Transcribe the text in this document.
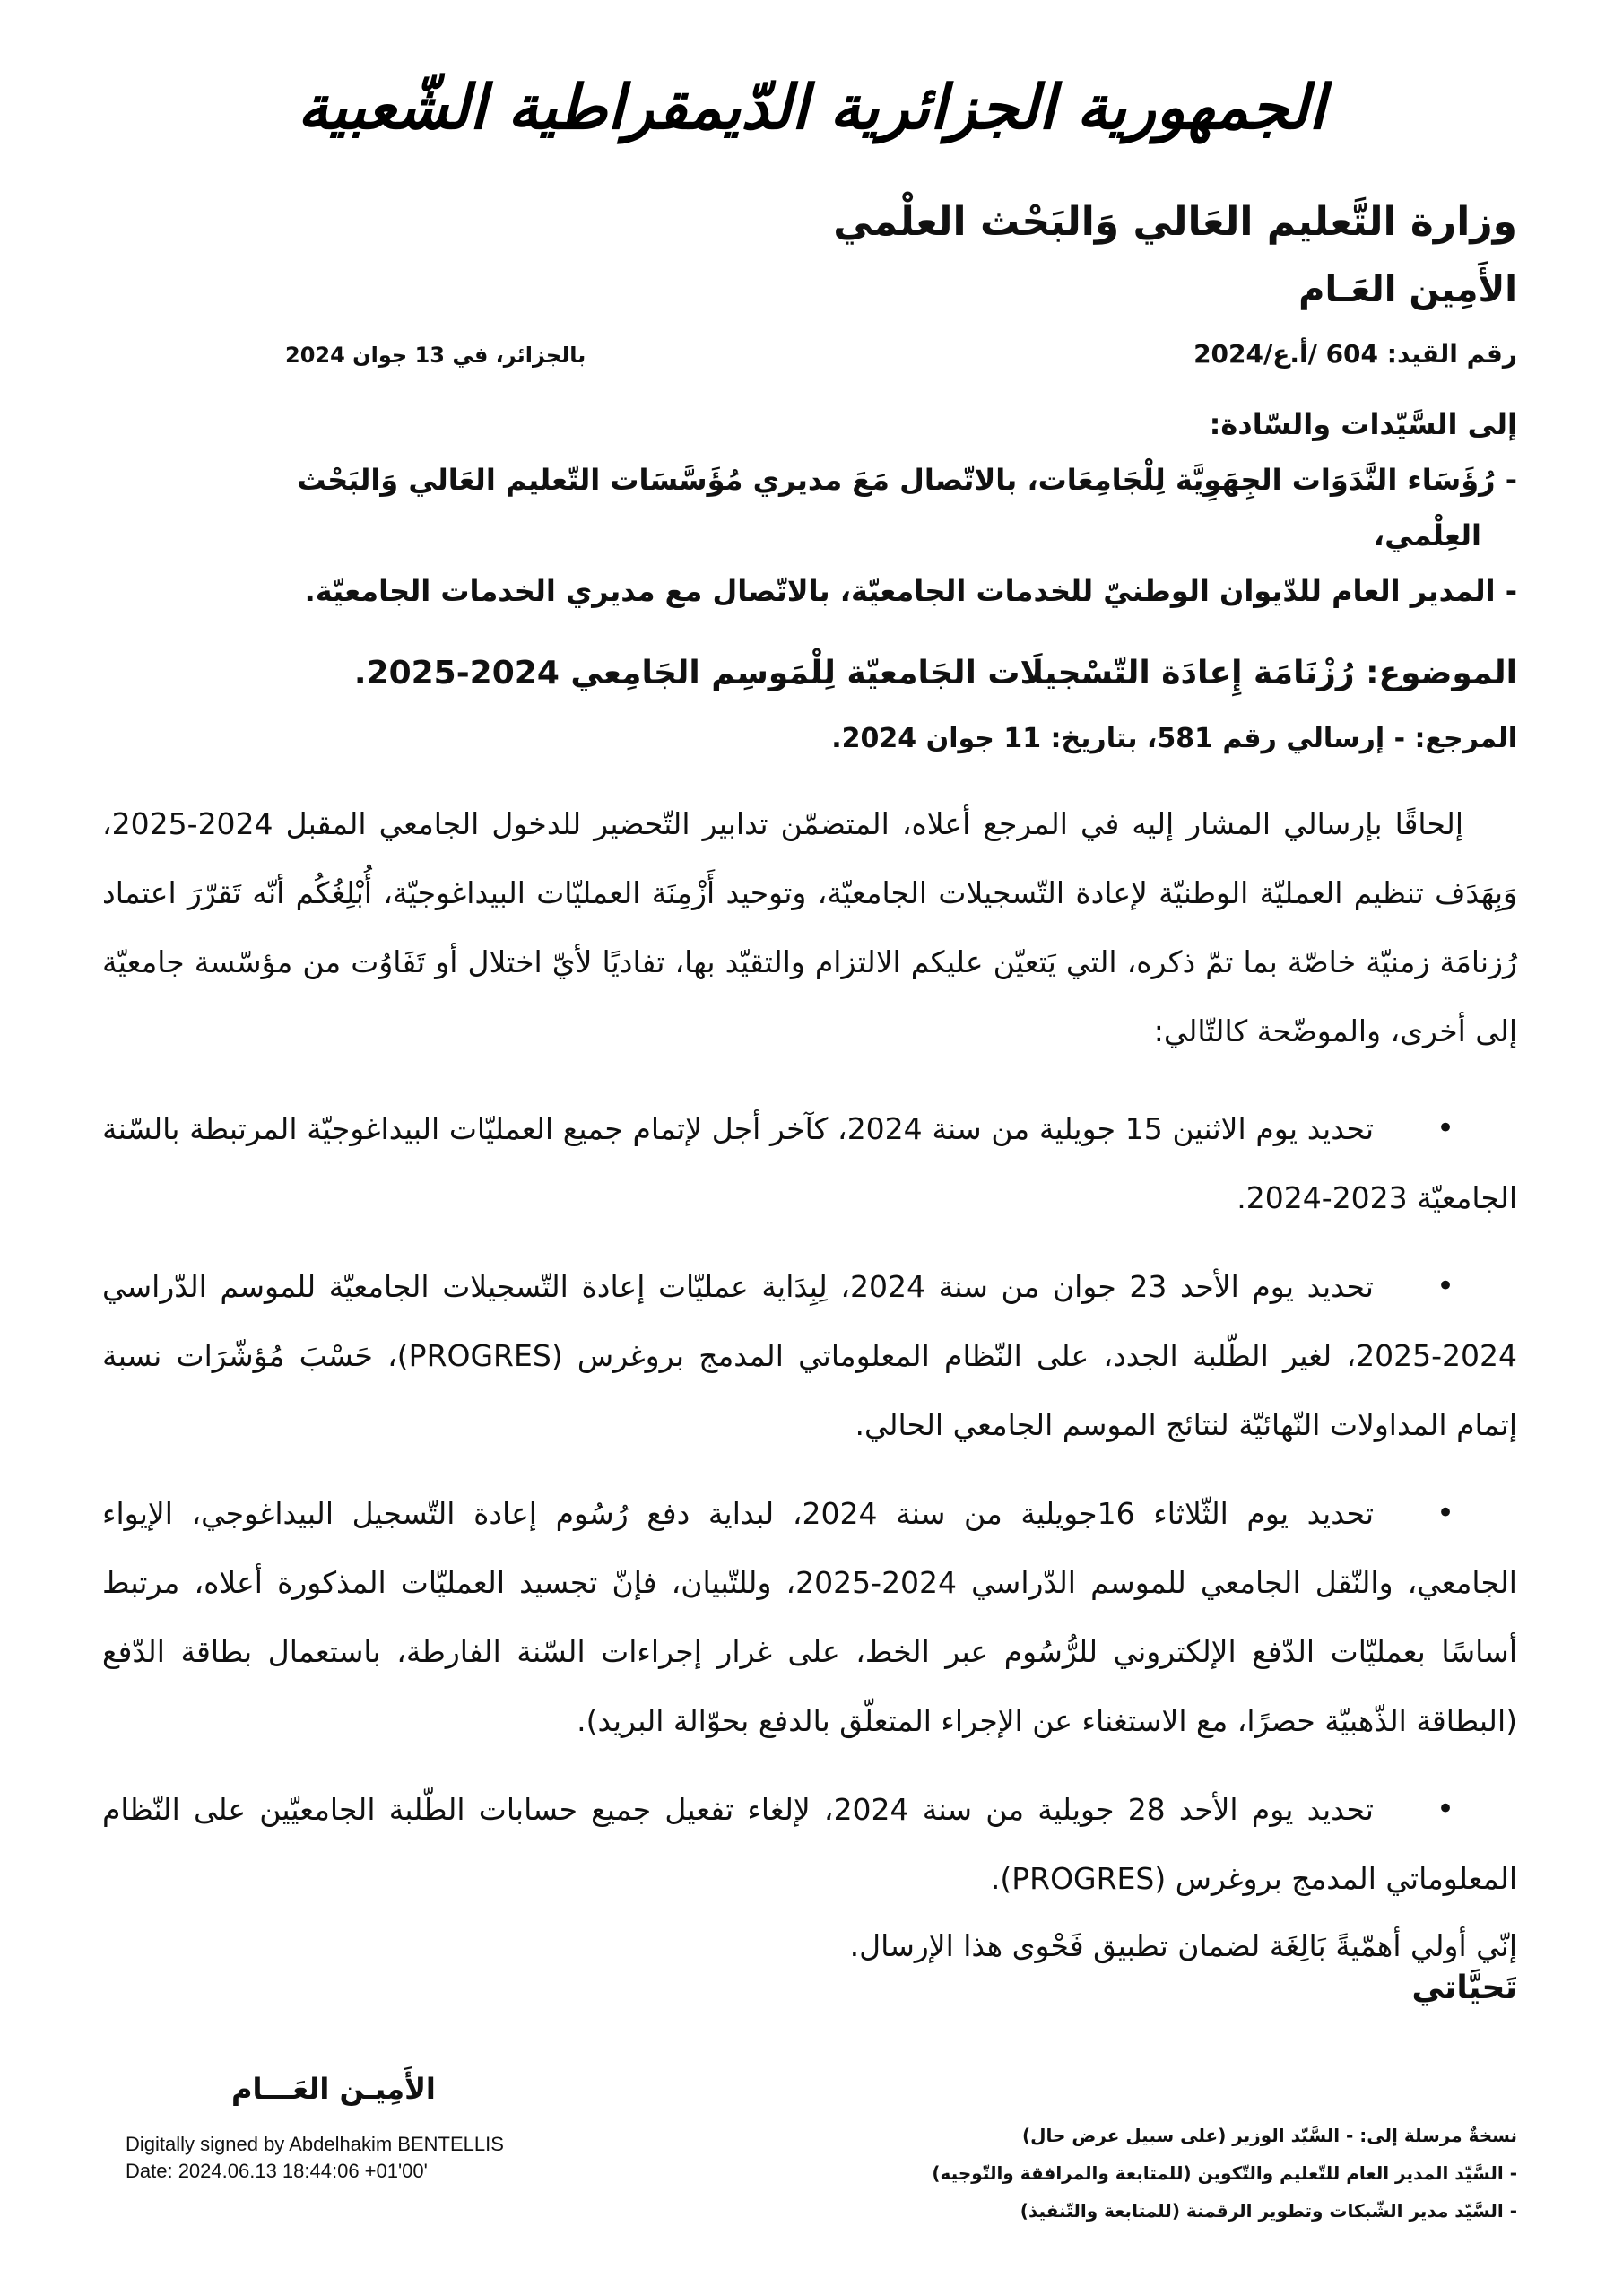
الجمهورية الجزائرية الدّيمقراطية الشّعبية
وزارة التَّعليم العَالي وَالبَحْث العلْمي
الأَمِين العَـام
رقم القيد: 604 /أ.ع/2024
بالجزائر، في 13 جوان 2024

إلى السَّيّدات والسّادة:

- رُؤَسَاء النَّدَوَات الجِهَوِيَّة لِلْجَامِعَات، بالاتّصال مَعَ مديري مُؤَسَّسَات التّعليم العَالي وَالبَحْث

العِلْمي،

- المدير العام للدّيوان الوطنيّ للخدمات الجامعيّة، بالاتّصال مع مديري الخدمات الجامعيّة.

الموضوع: رُزْنَامَة إِعادَة التّسْجيلَات الجَامعيّة لِلْمَوسِم الجَامِعي 2024-2025.
المرجع: - إرسالي رقم 581، بتاريخ: 11 جوان 2024.

إلحاقًا بإرسالي المشار إليه في المرجع أعلاه، المتضمّن تدابير التّحضير للدخول الجامعي المقبل 2024-2025، وَبِهَدَف تنظيم العمليّة الوطنيّة لإعادة التّسجيلات الجامعيّة، وتوحيد أَزْمِنَة العمليّات البيداغوجيّة، أُبْلِغُكُم أنّه تَقرّرَ اعتماد رُزنامَة زمنيّة خاصّة بما تمّ ذكره، التي يَتعيّن عليكم الالتزام والتقيّد بها، تفاديًا لأيّ اختلال أو تَفَاوُت من مؤسّسة جامعيّة إلى أخرى، والموضّحة كالتّالي:

•
تحديد يوم الاثنين 15 جويلية من سنة 2024، كآخر أجل لإتمام جميع العمليّات البيداغوجيّة المرتبطة بالسّنة الجامعيّة 2023-2024.

•
تحديد يوم الأحد 23 جوان من سنة 2024، لِبِدَاية عمليّات إعادة التّسجيلات الجامعيّة للموسم الدّراسي 2024-2025، لغير الطّلبة الجدد، على النّظام المعلوماتي المدمج بروغرس (PROGRES)، حَسْبَ مُؤشّرَات نسبة إتمام المداولات النّهائيّة لنتائج الموسم الجامعي الحالي.

•
تحديد يوم الثّلاثاء 16جويلية من سنة 2024، لبداية دفع رُسُوم إعادة التّسجيل البيداغوجي، الإيواء الجامعي، والنّقل الجامعي للموسم الدّراسي 2024-2025، وللتّبيان، فإنّ تجسيد العمليّات المذكورة أعلاه، مرتبط أساسًا بعمليّات الدّفع الإلكتروني للرُّسُوم عبر الخط، على غرار إجراءات السّنة الفارطة، باستعمال بطاقة الدّفع (البطاقة الذّهبيّة حصرًا، مع الاستغناء عن الإجراء المتعلّق بالدفع بحوّالة البريد).

•
تحديد يوم الأحد 28 جويلية من سنة 2024، لإلغاء تفعيل جميع حسابات الطّلبة الجامعيّين على النّظام المعلوماتي المدمج بروغرس (PROGRES).

إنّي أولي أهمّيةً بَالِغَة لضمان تطبيق فَحْوى هذا الإرسال.
تَحيَّاتي
الأَمِيـن العَـــام
Digitally signed by Abdelhakim BENTELLIS
Date: 2024.06.13 18:44:06 +01'00'

نسخةٌ مرسلة إلى: - السَّيّد الوزير (على سبيل عرض حال)

- السَّيّد المدير العام للتّعليم والتّكوين (للمتابعة والمرافقة والتّوجيه)

- السَّيّد مدير الشّبكات وتطوير الرقمنة (للمتابعة والتّنفيذ)
